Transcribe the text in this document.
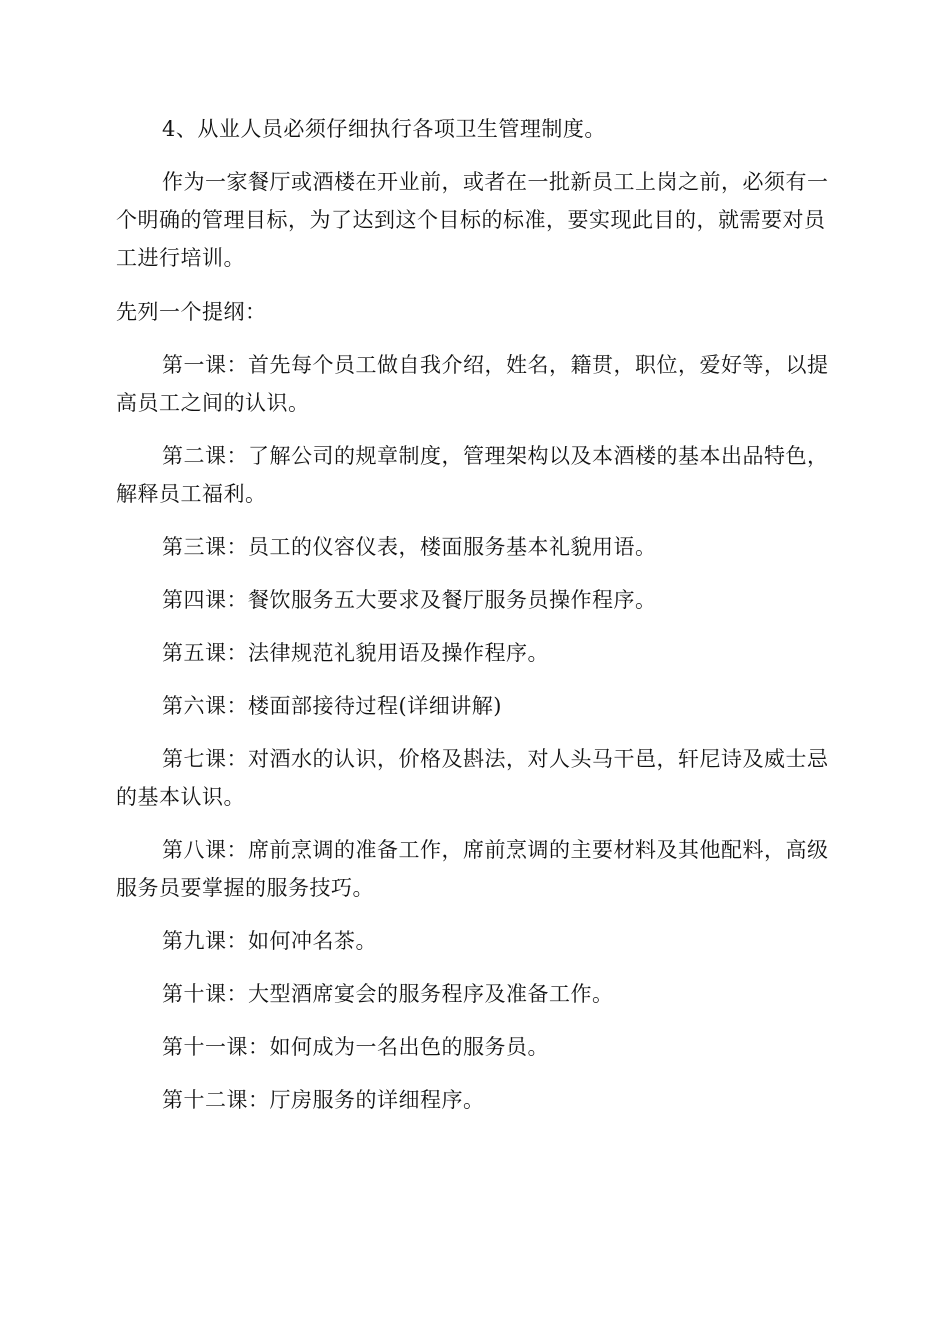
4、从业人员必须仔细执行各项卫生管理制度。

作为一家餐厅或酒楼在开业前，或者在一批新员工上岗之前，必须有一个明确的管理目标，为了达到这个目标的标准，要实现此目的，就需要对员工进行培训。

先列一个提纲：

第一课：首先每个员工做自我介绍，姓名，籍贯，职位，爱好等，以提高员工之间的认识。

第二课：了解公司的规章制度，管理架构以及本酒楼的基本出品特色，解释员工福利。

第三课：员工的仪容仪表，楼面服务基本礼貌用语。

第四课：餐饮服务五大要求及餐厅服务员操作程序。

第五课：法律规范礼貌用语及操作程序。

第六课：楼面部接待过程(详细讲解)

第七课：对酒水的认识，价格及斟法，对人头马干邑，轩尼诗及威士忌的基本认识。

第八课：席前烹调的准备工作，席前烹调的主要材料及其他配料，高级服务员要掌握的服务技巧。

第九课：如何冲名茶。

第十课：大型酒席宴会的服务程序及准备工作。

第十一课：如何成为一名出色的服务员。

第十二课：厅房服务的详细程序。
